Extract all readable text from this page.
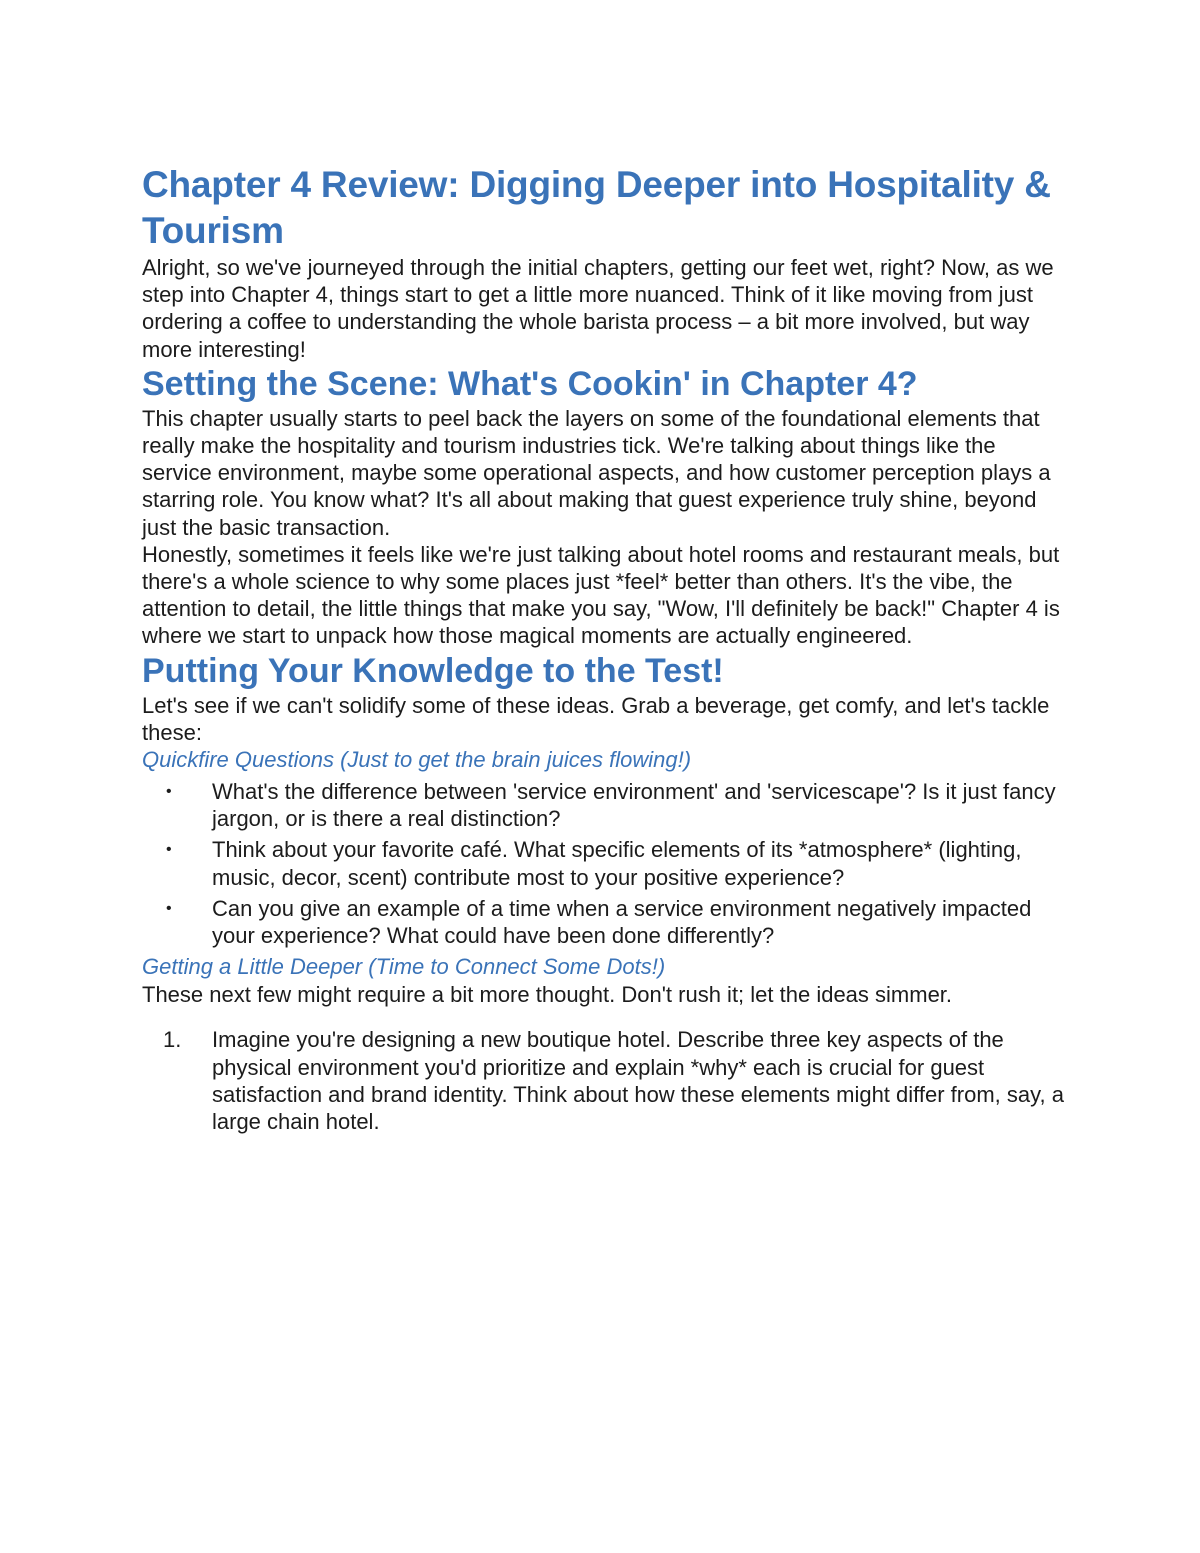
Chapter 4 Review: Digging Deeper into Hospitality & Tourism

Alright, so we've journeyed through the initial chapters, getting our feet wet, right? Now, as we step into Chapter 4, things start to get a little more nuanced. Think of it like moving from just ordering a coffee to understanding the whole barista process – a bit more involved, but way more interesting!

Setting the Scene: What's Cookin' in Chapter 4?

This chapter usually starts to peel back the layers on some of the foundational elements that really make the hospitality and tourism industries tick. We're talking about things like the service environment, maybe some operational aspects, and how customer perception plays a starring role. You know what? It's all about making that guest experience truly shine, beyond just the basic transaction.

Honestly, sometimes it feels like we're just talking about hotel rooms and restaurant meals, but there's a whole science to why some places just *feel* better than others. It's the vibe, the attention to detail, the little things that make you say, "Wow, I'll definitely be back!" Chapter 4 is where we start to unpack how those magical moments are actually engineered.

Putting Your Knowledge to the Test!

Let's see if we can't solidify some of these ideas. Grab a beverage, get comfy, and let's tackle these:

Quickfire Questions (Just to get the brain juices flowing!)
• What's the difference between 'service environment' and 'servicescape'? Is it just fancy jargon, or is there a real distinction?
• Think about your favorite café. What specific elements of its *atmosphere* (lighting, music, decor, scent) contribute most to your positive experience?
• Can you give an example of a time when a service environment negatively impacted your experience? What could have been done differently?
Getting a Little Deeper (Time to Connect Some Dots!)

These next few might require a bit more thought. Don't rush it; let the ideas simmer.

1. Imagine you're designing a new boutique hotel. Describe three key aspects of the physical environment you'd prioritize and explain *why* each is crucial for guest satisfaction and brand identity. Think about how these elements might differ from, say, a large chain hotel.
